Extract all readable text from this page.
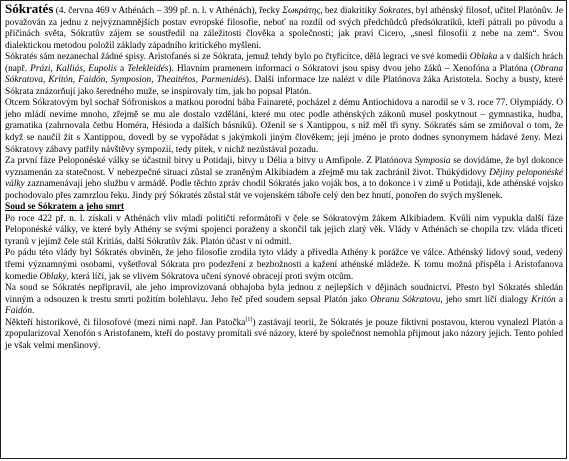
Sókratés (4. června 469 v Athénách – 399 př. n. l. v Athénách), řecky Σωκράτης, bez diakritiky Sokrates, byl athénský filosof, učitel Platónův. Je považován za jednu z nejvýznamnějších postav evropské filosofie, neboť na rozdíl od svých předchůdců předsókratiků, kteří pátrali po původu a příčinách světa, Sókratův zájem se soustředil na záležitosti člověka a společnosti; jak praví Cicero, „snesl filosofii z nebe na zem“. Svou dialektickou metodou položil základy západního kritického myšlení.

Sókratés sám nezanechal žádné spisy. Aristofanés si ze Sókrata, jemuž tehdy bylo po čtyřicítce, dělá legraci ve své komedii Oblaka a v dalších hrách (např. Prázi, Kalliás, Eupolis a Telekleidés). Hlavním pramenem informací o Sókratovi jsou spisy dvou jeho žáků – Xenofóna a Platóna (Obrana Sókratova, Kritón, Faidón, Symposion, Theaitétos, Parmenidés). Další informace lze nalézt v díle Platónova žáka Aristotela. Sochy a busty, které Sókrata znázorňují jako šeredného muže, se inspirovaly tím, jak ho popsal Platón.

Otcem Sókratovým byl sochař Sófroniskos a matkou porodní bába Fainareté, pocházel z dému Antiochidova a narodil se v 3. roce 77. Olympiády. O jeho mládí nevíme mnoho, zřejmě se mu ale dostalo vzdělání, které mu otec podle athénských zákonů musel poskytnout – gymnastika, hudba, gramatika (zahrnovala četbu Homéra, Hésioda a dalších básníků). Oženil se s Xantippou, s níž měl tři syny. Sókratés sám se zmiňoval o tom, že když se naučil žít s Xantippou, dovedl by se vypořádat s jakýmkoli jiným člověkem; její jméno je proto dodnes synonymem hádavé ženy. Mezi Sókratovy zábavy patřily návštěvy sympozií, tedy pitek, v nichž nezůstával pozadu.

Za první fáze Peloponéské války se účastnil bitvy u Potidaji, bitvy u Délia a bitvy u Amfipole. Z Platónova Symposia se dovídáme, že byl dokonce vyznamenán za statečnost. V nebezpečné situaci zůstal se zraněným Alkibiadem a zřejmě mu tak zachránil život. Thúkýdidovy Dějiny peloponéské války zaznamenávají jeho službu v armádě. Podle těchto zpráv chodil Sókratés jako voják bos, a to dokonce i v zimě u Potidaji, kde athénské vojsko pochodovalo přes zamrzlou řeku. Jindy prý Sókratés zůstal stát ve vojenském táboře celý den bez hnutí, ponořen do svých myšlenek.

Soud se Sókratem a jeho smrt

Po roce 422 př. n. l. získali v Athénách vliv mladí političtí reformátoři v čele se Sókratovým žákem Alkibiadem. Kvůli nim vypukla další fáze Peloponéské války, ve které byly Athény se svými spojenci poraženy a skončil tak jejich zlatý věk. Vlády v Athénách se chopila tzv. vláda třiceti tyranů v jejímž čele stál Kritiás, další Sókratův žák. Platón účast v ní odmítl.

Po pádu této vlády byl Sókratés obviněn, že jeho filosofie zrodila tyto vlády a přivedla Athény k porážce ve válce. Athénský lidový soud, vedený třemi významnými osobami, vyšetřoval Sókrata pro podezření z bezbožnosti a kažení athénské mládeže. K tomu možná přispěla i Aristofanova komedie Oblaky, která líčí, jak se vlivem Sókratova učení synové obracejí proti svým otcům.

Na soud se Sókratés nepřipravil, ale jeho improvizovaná obhajoba byla jednou z nejlepších v dějinách soudnictví. Přesto byl Sókratés shledán vinným a odsouzen k trestu smrti požitím bolehlavu. Jeho řeč před soudem sepsal Platón jako Obranu Sókratovu, jeho smrt líčí dialogy Kritón a Faidón.

Někteří historikové, či filosofové (mezi nimi např. Jan Patočka[1]) zastávají teorii, že Sókratés je pouze fiktivní postavou, kterou vynalezl Platón a zpopularizoval Xenofón s Aristofanem, kteří do postavy promítali své názory, které by společnost nemohla přijmout jako názory jejich. Tento pohled je však velmi menšinový.
